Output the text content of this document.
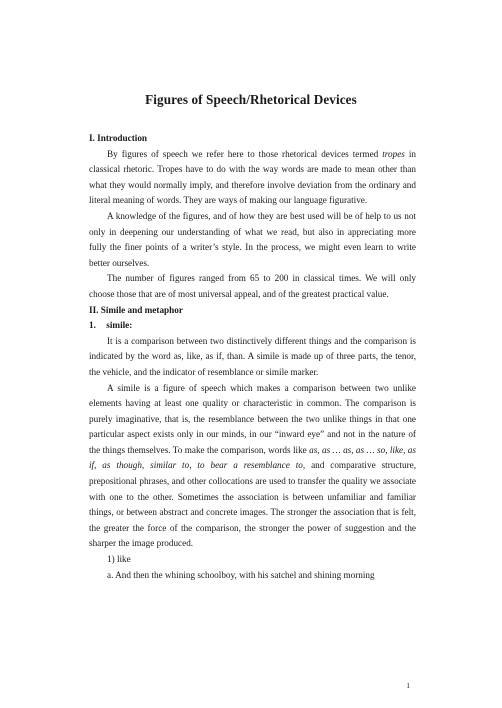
Figures of Speech/Rhetorical Devices
I. Introduction

By figures of speech we refer here to those rhetorical devices termed tropes in classical rhetoric. Tropes have to do with the way words are made to mean other than what they would normally imply, and therefore involve deviation from the ordinary and literal meaning of words. They are ways of making our language figurative.

A knowledge of the figures, and of how they are best used will be of help to us not only in deepening our understanding of what we read, but also in appreciating more fully the finer points of a writer’s style. In the process, we might even learn to write better ourselves.

The number of figures ranged from 65 to 200 in classical times. We will only choose those that are of most universal appeal, and of the greatest practical value.

II. Simile and metaphor
1. simile:

It is a comparison between two distinctively different things and the comparison is indicated by the word as, like, as if, than. A simile is made up of three parts, the tenor, the vehicle, and the indicator of resemblance or simile marker.

A simile is a figure of speech which makes a comparison between two unlike elements having at least one quality or characteristic in common. The comparison is purely imaginative, that is, the resemblance between the two unlike things in that one particular aspect exists only in our minds, in our “inward eye” and not in the nature of the things themselves. To make the comparison, words like as, as … as, as … so, like, as if, as though, similar to, to bear a resemblance to, and comparative structure, prepositional phrases, and other collocations are used to transfer the quality we associate with one to the other. Sometimes the association is between unfamiliar and familiar things, or between abstract and concrete images. The stronger the association that is felt, the greater the force of the comparison, the stronger the power of suggestion and the sharper the image produced.

1) like
a. And then the whining schoolboy, with his satchel and shining morning
1
